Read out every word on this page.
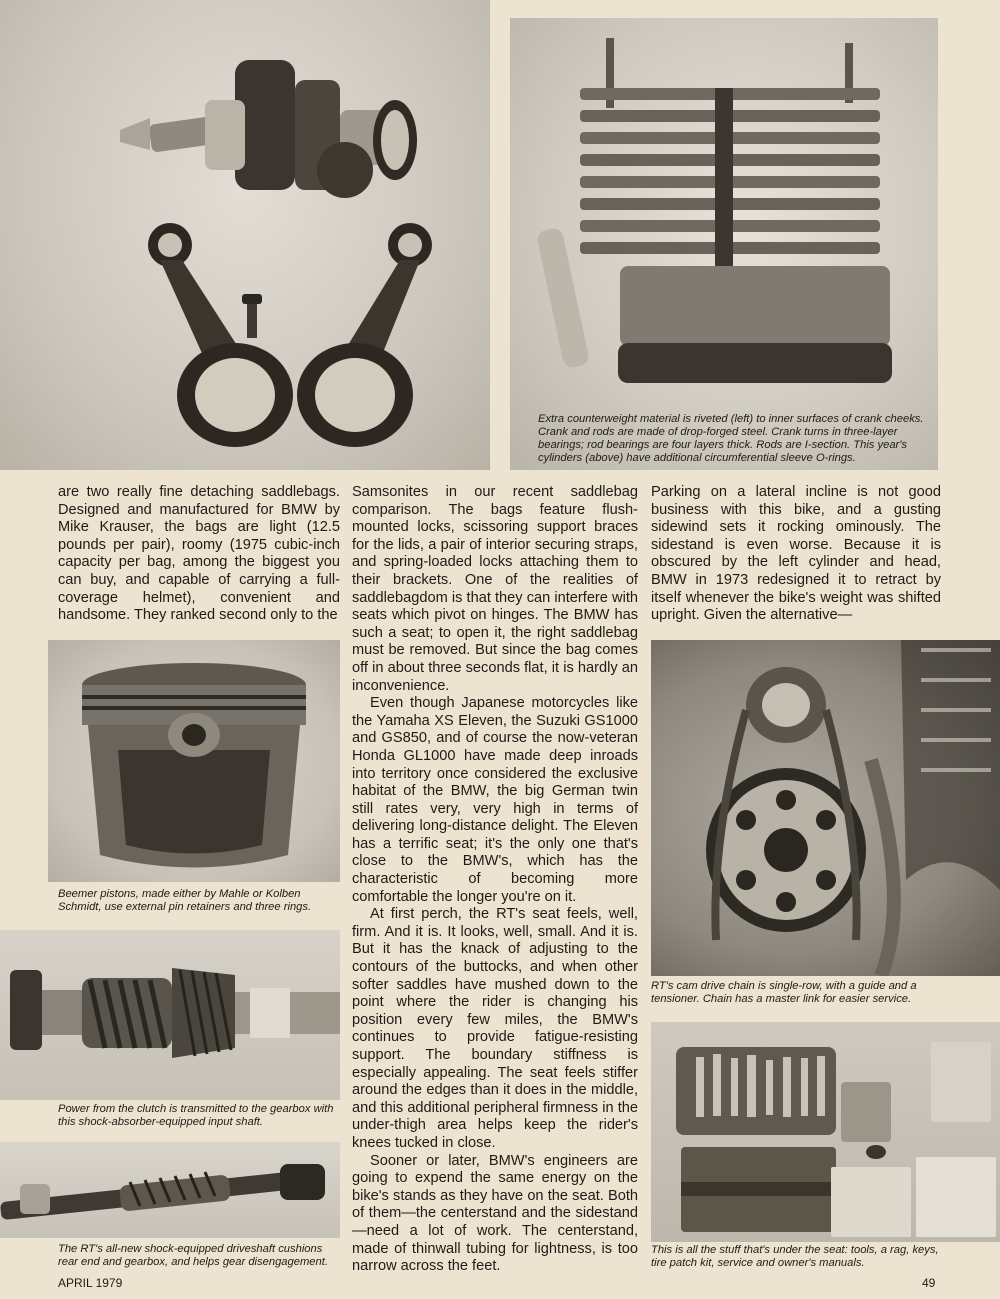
Extra counterweight material is riveted (left) to inner surfaces of crank cheeks. Crank and rods are made of drop-forged steel. Crank turns in three-layer bearings; rod bearings are four layers thick. Rods are I-section. This year's cylinders (above) have additional circumferential sleeve O-rings.

are two really fine detaching saddlebags. Designed and manufactured for BMW by Mike Krauser, the bags are light (12.5 pounds per pair), roomy (1975 cubic-inch capacity per bag, among the biggest you can buy, and capable of carrying a full-coverage helmet), convenient and handsome. They ranked second only to the

Beemer pistons, made either by Mahle or Kolben Schmidt, use external pin retainers and three rings.
Power from the clutch is transmitted to the gearbox with this shock-absorber-equipped input shaft.
The RT's all-new shock-equipped driveshaft cushions rear end and gearbox, and helps gear disengagement.

Samsonites in our recent saddlebag comparison. The bags feature flush-mounted locks, scissoring support braces for the lids, a pair of interior securing straps, and spring-loaded locks attaching them to their brackets. One of the realities of saddlebagdom is that they can interfere with seats which pivot on hinges. The BMW has such a seat; to open it, the right saddlebag must be removed. But since the bag comes off in about three seconds flat, it is hardly an inconvenience.

Even though Japanese motorcycles like the Yamaha XS Eleven, the Suzuki GS1000 and GS850, and of course the now-veteran Honda GL1000 have made deep inroads into territory once considered the exclusive habitat of the BMW, the big German twin still rates very, very high in terms of delivering long-distance delight. The Eleven has a terrific seat; it's the only one that's close to the BMW's, which has the characteristic of becoming more comfortable the longer you're on it.

At first perch, the RT's seat feels, well, firm. And it is. It looks, well, small. And it is. But it has the knack of adjusting to the contours of the buttocks, and when other softer saddles have mushed down to the point where the rider is changing his position every few miles, the BMW's continues to provide fatigue-resisting support. The boundary stiffness is especially appealing. The seat feels stiffer around the edges than it does in the middle, and this additional peripheral firmness in the under-thigh area helps keep the rider's knees tucked in close.

Sooner or later, BMW's engineers are going to expend the same energy on the bike's stands as they have on the seat. Both of them—the centerstand and the sidestand—need a lot of work. The centerstand, made of thinwall tubing for lightness, is too narrow across the feet.

Parking on a lateral incline is not good business with this bike, and a gusting sidewind sets it rocking ominously. The sidestand is even worse. Because it is obscured by the left cylinder and head, BMW in 1973 redesigned it to retract by itself whenever the bike's weight was shifted upright. Given the alternative—

RT's cam drive chain is single-row, with a guide and a tensioner. Chain has a master link for easier service.
This is all the stuff that's under the seat: tools, a rag, keys, tire patch kit, service and owner's manuals.
APRIL 1979	49
